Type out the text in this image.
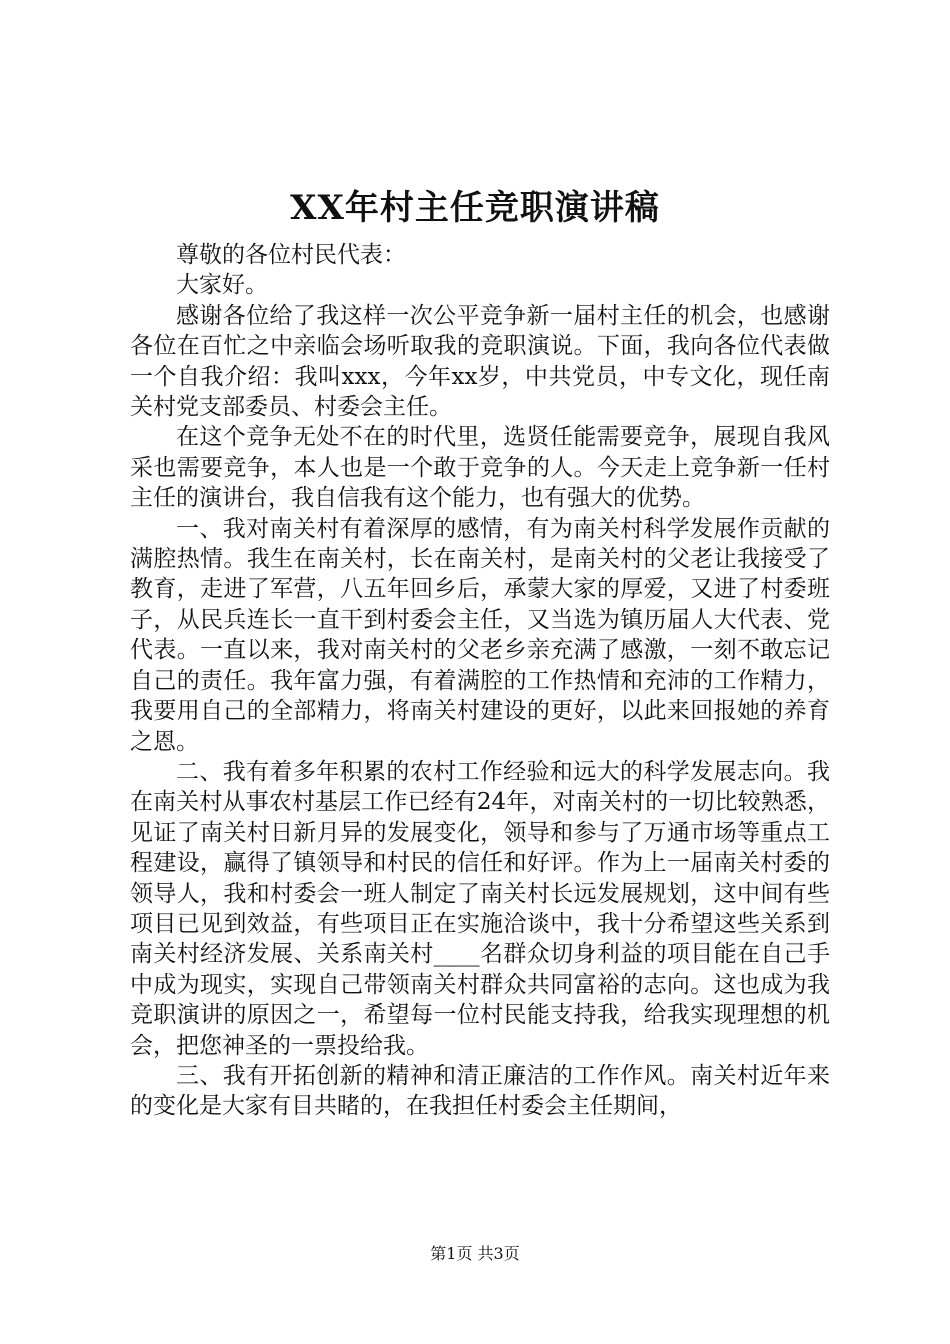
XX年村主任竞职演讲稿

尊敬的各位村民代表：

大家好。

感谢各位给了我这样一次公平竞争新一届村主任的机会，也感谢各位在百忙之中亲临会场听取我的竞职演说。下面，我向各位代表做一个自我介绍：我叫xxx，今年xx岁，中共党员，中专文化，现任南关村党支部委员、村委会主任。

在这个竞争无处不在的时代里，选贤任能需要竞争，展现自我风采也需要竞争，本人也是一个敢于竞争的人。今天走上竞争新一任村主任的演讲台，我自信我有这个能力，也有强大的优势。

一、我对南关村有着深厚的感情，有为南关村科学发展作贡献的满腔热情。我生在南关村，长在南关村，是南关村的父老让我接受了教育，走进了军营，八五年回乡后，承蒙大家的厚爱，又进了村委班子，从民兵连长一直干到村委会主任，又当选为镇历届人大代表、党代表。一直以来，我对南关村的父老乡亲充满了感激，一刻不敢忘记自己的责任。我年富力强，有着满腔的工作热情和充沛的工作精力，我要用自己的全部精力，将南关村建设的更好，以此来回报她的养育之恩。

二、我有着多年积累的农村工作经验和远大的科学发展志向。我在南关村从事农村基层工作已经有24年，对南关村的一切比较熟悉，见证了南关村日新月异的发展变化，领导和参与了万通市场等重点工程建设，赢得了镇领导和村民的信任和好评。作为上一届南关村委的领导人，我和村委会一班人制定了南关村长远发展规划，这中间有些项目已见到效益，有些项目正在实施洽谈中，我十分希望这些关系到南关村经济发展、关系南关村____名群众切身利益的项目能在自己手中成为现实，实现自己带领南关村群众共同富裕的志向。这也成为我竞职演讲的原因之一，希望每一位村民能支持我，给我实现理想的机会，把您神圣的一票投给我。

三、我有开拓创新的精神和清正廉洁的工作作风。南关村近年来的变化是大家有目共睹的，在我担任村委会主任期间，

第1页 共3页
